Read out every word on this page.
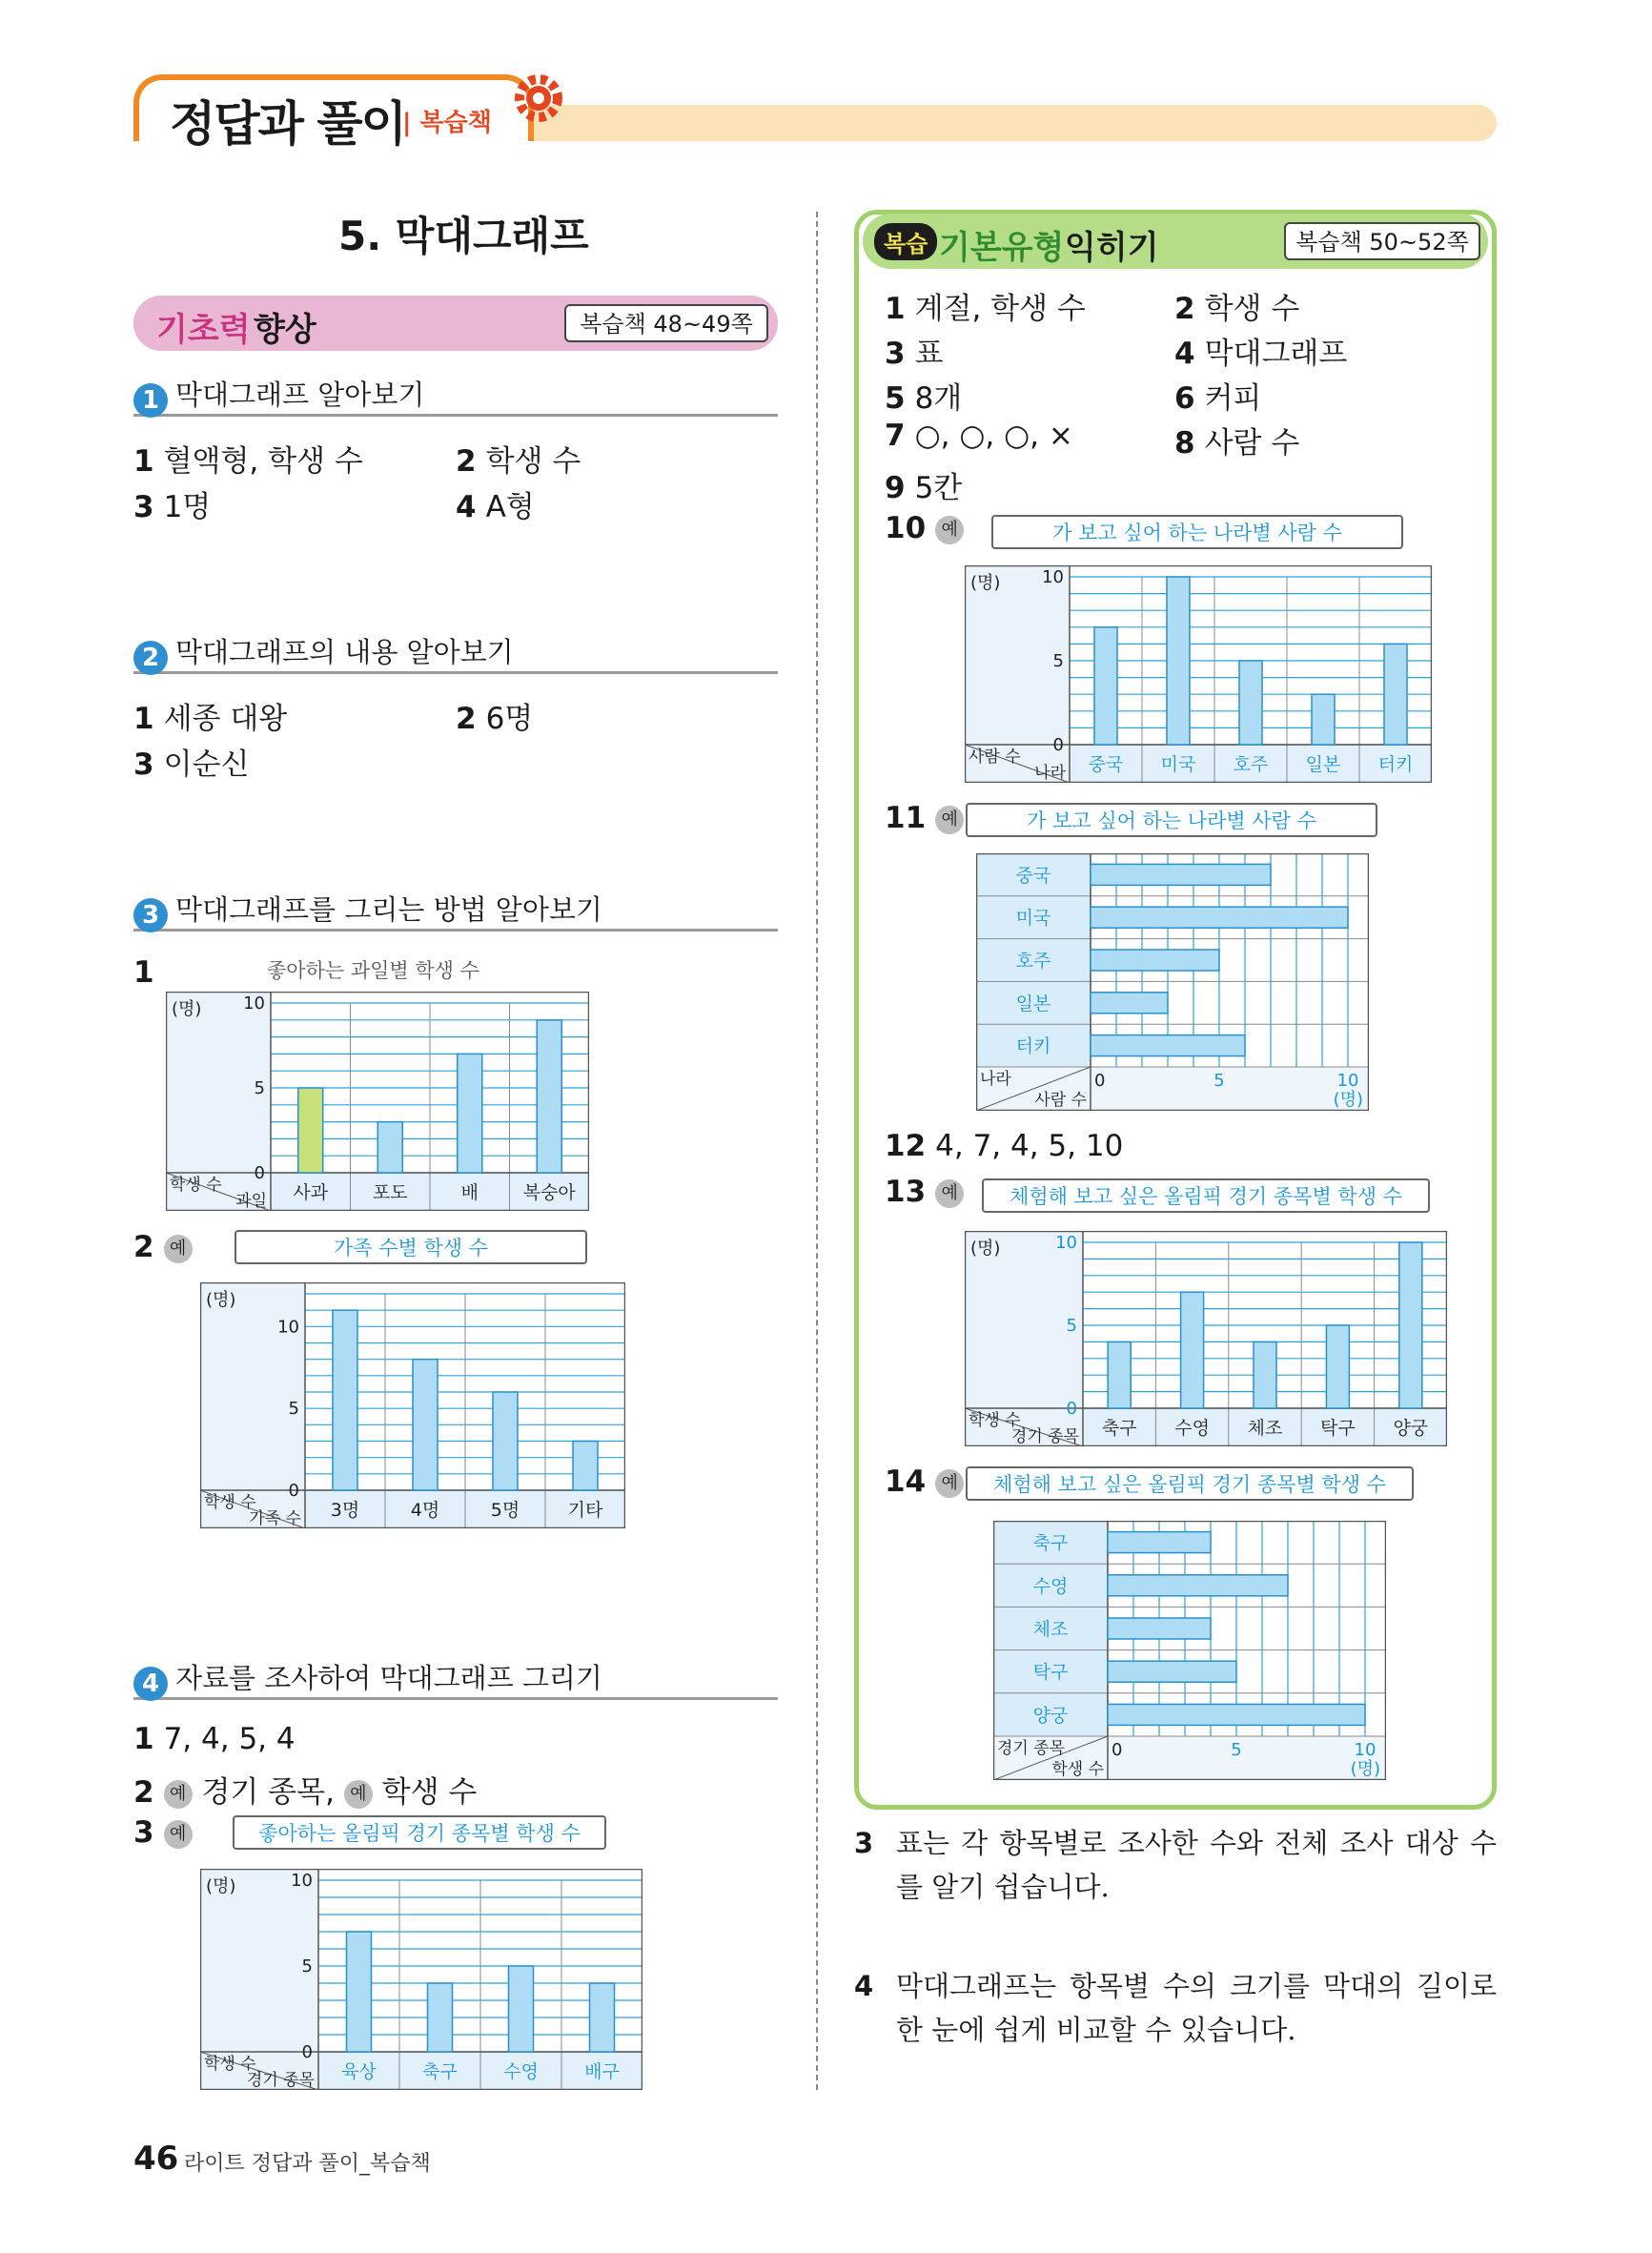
정답과 풀이
| 복습책
5. 막대그래프
기초력 향상	복습책 48~49쪽
1 막대그래프 알아보기
1 혈액형, 학생 수	2 학생 수
3 1명	4 A형
2 막대그래프의 내용 알아보기
1 세종 대왕	2 6명
3 이순신
3 막대그래프를 그리는 방법 알아보기
1	좋아하는 과일별 학생 수
(명)
0
5
10
학생 수
과일 사과 포도	배 복숭아
2 예	가족 수별 학생 수
(명)
0
5
10
학생 수
가족 수 3명	4명	5명	기타
4 자료를 조사하여 막대그래프 그리기
1 7, 4, 5, 4
2 예 경기 종목, 예 학생 수
3 예	좋아하는 올림픽 경기 종목별 학생 수
(명)
0
5
10
학생 수
경기 종목 육상	축구	수영	배구
복습 기본유형 익히기	복습책 50~52쪽
1 계절, 학생 수	2 학생 수
3 표	4 막대그래프
5 8개	6 커피
7 ○, ○, ○, ×	8 사람 수
9 5칸
10 예	가 보고 싶어 하는 나라별 사람 수
(명)
0
5
10
사람 수
나라 중국 미국 호주 일본 터키
11 예	가 보고 싶어 하는 나라별 사람 수
나라
사람 수
0	5	10
(명)
중국
미국
호주
일본
터키
12 4, 7, 4, 5, 10
13 예	체험해 보고 싶은 올림픽 경기 종목별 학생 수
(명)
0
5
10
학생 수
경기 종목 축구 수영 체조 탁구 양궁
14 예	체험해 보고 싶은 올림픽 경기 종목별 학생 수
경기 종목
학생 수
0	5	10
(명)
축구
수영
체조
탁구
양궁
3 표는 각 항목별로 조사한 수와 전체 조사 대상 수를 알기 쉽습니다.
4 막대그래프는 항목별 수의 크기를 막대의 길이로 한 눈에 쉽게 비교할 수 있습니다.
46 라이트 정답과 풀이_복습책
